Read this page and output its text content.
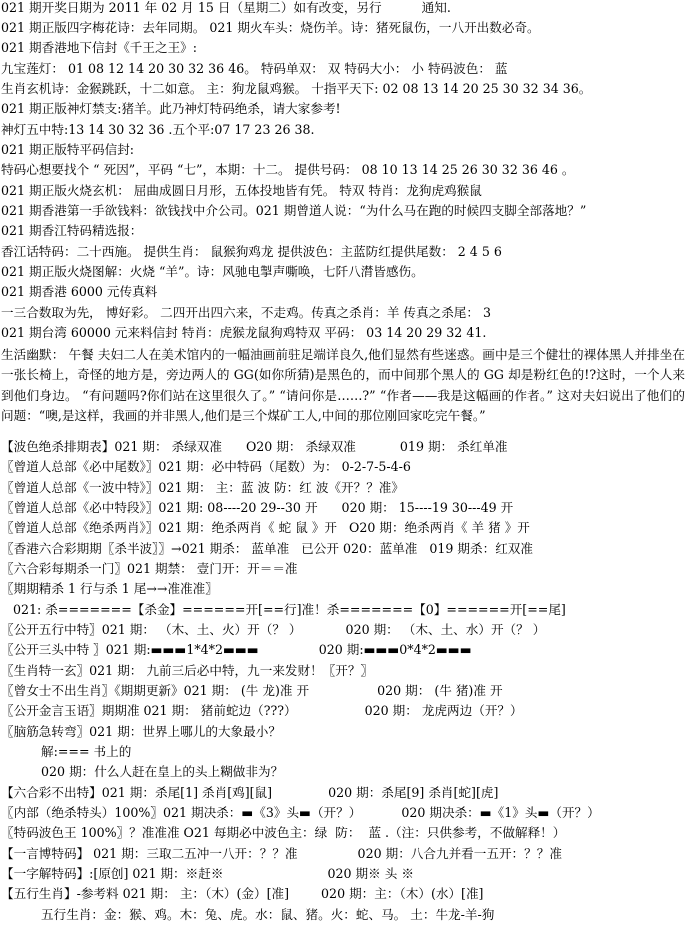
021 期开奖日期为 2011 年 02 月 15 日（星期二）如有改变，另行          通知.
021 期正版四字梅花诗：去年同期。 021 期火车头：烧伤羊。诗：猪死鼠伤，一八开出数必奇。
021 期香港地下信封《千王之王》:
九宝莲灯： 01 08 12 14 20 30 32 36 46。 特码单双： 双 特码大小： 小 特码波色： 蓝
生肖玄机诗：金猴跳跃，十二如意。 主：狗龙鼠鸡猴。 十指平天下: 02 08 13 14 20 25 30 32 34 36。
021 期正版神灯禁支:猪羊。此乃神灯特码绝杀，请大家参考!
神灯五中特:13 14 30 32 36 .五个平:07 17 23 26 38.
021 期正版特平码信封:
特码心想要找个 “ 死因”，平码 “七”，本期：十二。 提供号码： 08 10 13 14 25 26 30 32 36 46 。
021 期正版火烧玄机： 屈曲成圆日月形，五体投地皆有凭。 特双 特肖：龙狗虎鸡猴鼠
021 期香港第一手欲钱料：欲钱找中介公司。021 期曾道人说：“为什么马在跑的时候四支脚全部落地？”
021 期香江特码精选报：
香江话特码：二十西施。 提供生肖： 鼠猴狗鸡龙 提供波色：主蓝防红提供尾数： 2 4 5 6
021 期正版火烧图解：火烧 “羊”。诗：风驰电掣声嘶唤，七阡八潸皆感伤。
021 期香港 6000 元传真料
一三合数取为先， 博好彩。 二四开出四六来，不走鸡。传真之杀肖：羊 传真之杀尾： 3
021 期台湾 60000 元来料信封 特肖：虎猴龙鼠狗鸡特双 平码： 03 14 20 29 32 41.
生活幽默： 午餐 夫妇二人在美术馆内的一幅油画前驻足端详良久,他们显然有些迷惑。画中是三个健壮的裸体黑人并排坐在一张长椅上，奇怪的地方是，旁边两人的 GG(如你所猜)是黑色的，而中间那个黑人的 GG 却是粉红色的!?这时，一个人来到他们身边。 “有问题吗?你们站在这里很久了。” “请问你是……?” “作者——我是这幅画的作者。” 这对夫妇说出了他们的问题：“噢,是这样，我画的并非黑人,他们是三个煤矿工人,中间的那位刚回家吃完午餐。”
【波色绝杀排期表】021 期： 杀绿双准      O20 期： 杀绿双准           019 期： 杀红单准
〖曾道人总部《必中尾数》〗021 期：必中特码（尾数）为： 0-2-7-5-4-6
〖曾道人总部《一波中特》〗021 期： 主：蓝 波 防：红 波《开？？准》
〖曾道人总部《必中特段》〗021 期: 08----20 29--30 开      020 期： 15----19 30---49 开
〖曾道人总部《绝杀两肖》〗021 期：绝杀两肖《 蛇 鼠 》开   O20 期：绝杀两肖《 羊 猪 》开
〖香港六合彩期期〖杀半波〗〗→021 期杀： 蓝单准   已公开 020：蓝单准   019 期杀：红双准
〖六合彩每期杀一门〗021 期禁： 壹门开：开＝＝准
〖期期精杀 1 行与杀 1 尾→→准准准〗
021: 杀=======【杀金】======开[==行]准！杀=======【0】======开[==尾]
〖公开五行中特〗021 期： （木、土、火）开（？ ）           020 期： （木、土、水）开（？ ）
〖公开三头中特 〗021 期:▬▬▬1*4*2▬▬▬               020 期:▬▬▬0*4*2▬▬▬
〖生肖特一玄〗021 期： 九前三后必中特，九一来发财！〖开？〗
〖曾女士不出生肖〗《期期更新》021 期： (牛 龙)准 开                 020 期： (牛 猪)准 开
〖公开金言玉语〗期期准 021 期： 猪前蛇边（???）                 020 期： 龙虎两边（开？）
〖脑筋急转弯〗021 期：世界上哪儿的大象最小？
解:=== 书上的
020 期：什么人赶在皇上的头上糊做非为？
【六合彩不出特】021 期：杀尾[1] 杀肖[鸡][鼠]              020 期：杀尾[9] 杀肖[蛇][虎]
〖内部（绝杀特头）100%〗021 期决杀：▬《3》头▬（开？）          020 期决杀：▬《1》头▬（开？）
〖特码波色王 100%〗？准准准 O21 每期必中波色主：绿  防：  蓝 .（注：只供参考，不做解释！）
【一言博特码】 021 期：三取二五冲一八开：？？准               020 期：八合九并看一五开：？？准
【一字解特码】:[原创] 021 期：※赶※                          020 期※ 头 ※
【五行生肖】-参考料 021 期： 主：（木）(金）[准]        020 期：主：（木）(水）[准]
五行生肖：金：猴、鸡。木：兔、虎。水：鼠、猪。火：蛇、马。 土：牛龙-羊-狗
